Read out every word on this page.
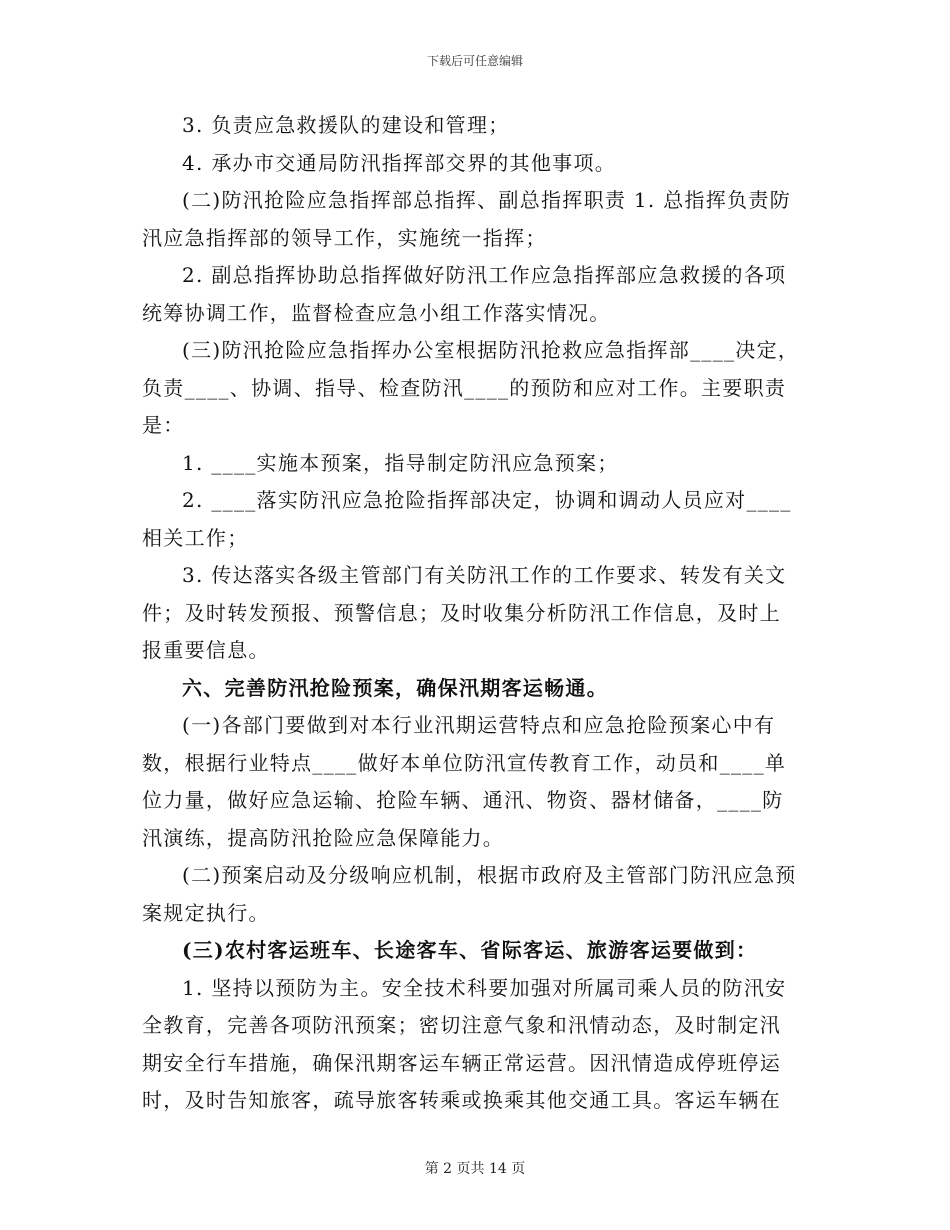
下载后可任意编辑

3. 负责应急救援队的建设和管理；

4. 承办市交通局防汛指挥部交界的其他事项。

(二)防汛抢险应急指挥部总指挥、副总指挥职责 1. 总指挥负责防汛应急指挥部的领导工作，实施统一指挥；

2. 副总指挥协助总指挥做好防汛工作应急指挥部应急救援的各项统筹协调工作，监督检查应急小组工作落实情况。

(三)防汛抢险应急指挥办公室根据防汛抢救应急指挥部____决定，负责____、协调、指导、检查防汛____的预防和应对工作。主要职责是：

1. ____实施本预案，指导制定防汛应急预案；

2. ____落实防汛应急抢险指挥部决定，协调和调动人员应对____相关工作；

3. 传达落实各级主管部门有关防汛工作的工作要求、转发有关文件；及时转发预报、预警信息；及时收集分析防汛工作信息，及时上报重要信息。

六、完善防汛抢险预案，确保汛期客运畅通。

(一)各部门要做到对本行业汛期运营特点和应急抢险预案心中有数，根据行业特点____做好本单位防汛宣传教育工作，动员和____单位力量，做好应急运输、抢险车辆、通汛、物资、器材储备，____防汛演练，提高防汛抢险应急保障能力。

(二)预案启动及分级响应机制，根据市政府及主管部门防汛应急预案规定执行。

(三)农村客运班车、长途客车、省际客运、旅游客运要做到：

1. 坚持以预防为主。安全技术科要加强对所属司乘人员的防汛安全教育，完善各项防汛预案；密切注意气象和汛情动态，及时制定汛期安全行车措施，确保汛期客运车辆正常运营。因汛情造成停班停运时，及时告知旅客，疏导旅客转乘或换乘其他交通工具。客运车辆在

第 2 页共 14 页
